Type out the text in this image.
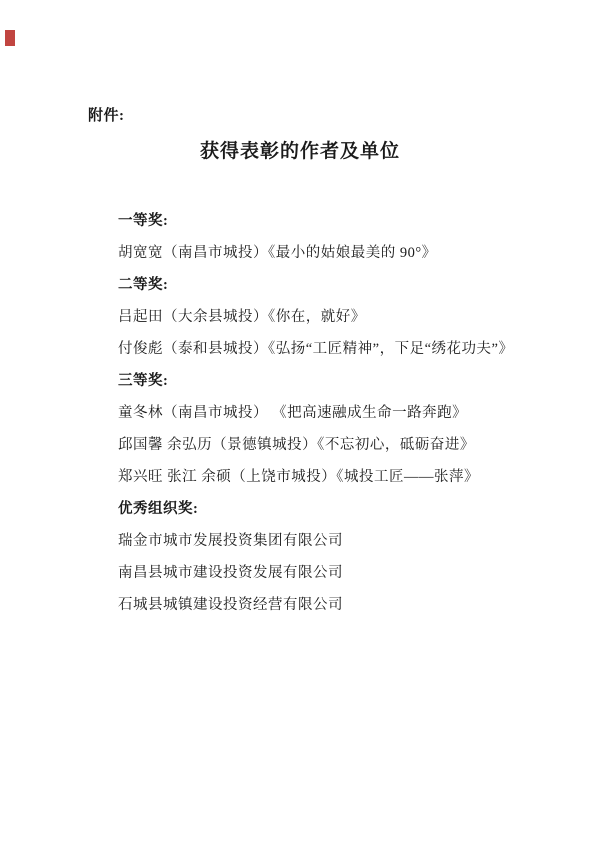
附件:
获得表彰的作者及单位
一等奖:

胡宽宽（南昌市城投）《最小的姑娘最美的 90°》

二等奖:

吕起田（大余县城投）《你在，就好》

付俊彪（泰和县城投）《弘扬“工匠精神”，下足“绣花功夫”》

三等奖:

童冬林（南昌市城投） 《把高速融成生命一路奔跑》

邱国馨 余弘历（景德镇城投）《不忘初心，砥砺奋进》

郑兴旺 张江 余硕（上饶市城投）《城投工匠——张萍》

优秀组织奖:

瑞金市城市发展投资集团有限公司

南昌县城市建设投资发展有限公司

石城县城镇建设投资经营有限公司
